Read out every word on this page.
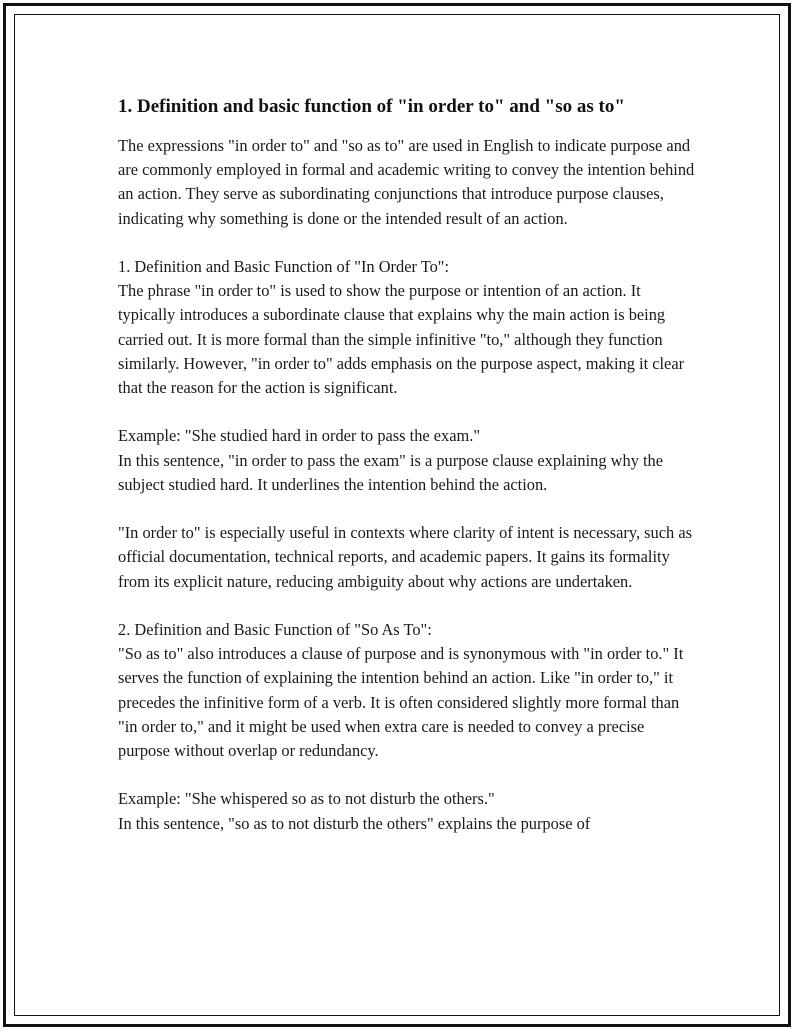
1. Definition and basic function of "in order to" and "so as to"

The expressions "in order to" and "so as to" are used in English to indicate purpose and are commonly employed in formal and academic writing to convey the intention behind an action. They serve as subordinating conjunctions that introduce purpose clauses, indicating why something is done or the intended result of an action.

1. Definition and Basic Function of "In Order To":
The phrase "in order to" is used to show the purpose or intention of an action. It typically introduces a subordinate clause that explains why the main action is being carried out. It is more formal than the simple infinitive "to," although they function similarly. However, "in order to" adds emphasis on the purpose aspect, making it clear that the reason for the action is significant.

Example: "She studied hard in order to pass the exam."
In this sentence, "in order to pass the exam" is a purpose clause explaining why the subject studied hard. It underlines the intention behind the action.

"In order to" is especially useful in contexts where clarity of intent is necessary, such as official documentation, technical reports, and academic papers. It gains its formality from its explicit nature, reducing ambiguity about why actions are undertaken.

2. Definition and Basic Function of "So As To":
"So as to" also introduces a clause of purpose and is synonymous with "in order to." It serves the function of explaining the intention behind an action. Like "in order to," it precedes the infinitive form of a verb. It is often considered slightly more formal than "in order to," and it might be used when extra care is needed to convey a precise purpose without overlap or redundancy.

Example: "She whispered so as to not disturb the others."
In this sentence, "so as to not disturb the others" explains the purpose of
